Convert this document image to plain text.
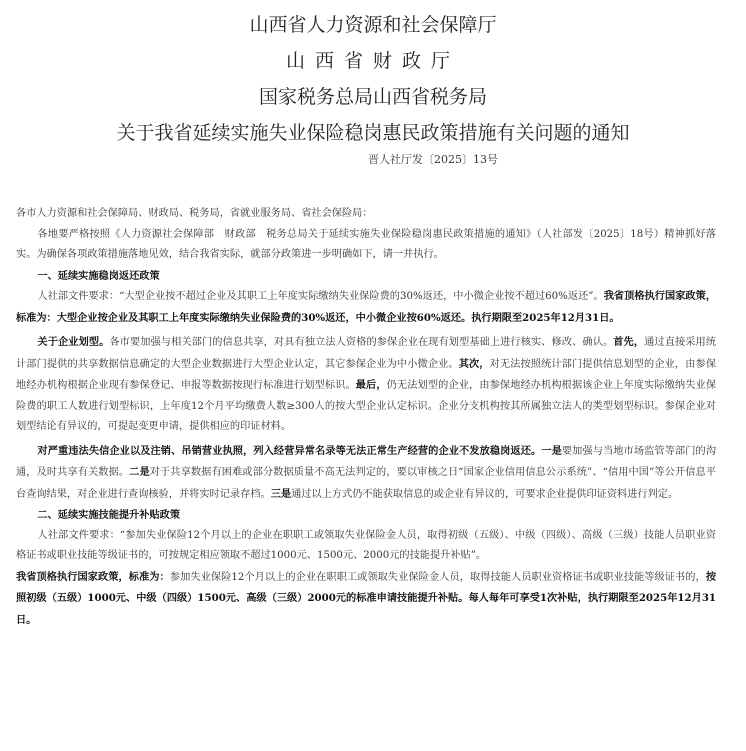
山西省人力资源和社会保障厅
山西省财政厅
国家税务总局山西省税务局
关于我省延续实施失业保险稳岗惠民政策措施有关问题的通知
晋人社厅发〔2025〕13号

各市人力资源和社会保障局、财政局、税务局，省就业服务局、省社会保险局：

各地要严格按照《人力资源社会保障部　财政部　税务总局关于延续实施失业保险稳岗惠民政策措施的通知》（人社部发〔2025〕18号）精神抓好落实。为确保各项政策措施落地见效，结合我省实际，就部分政策进一步明确如下，请一并执行。

一、延续实施稳岗返还政策

人社部文件要求：“大型企业按不超过企业及其职工上年度实际缴纳失业保险费的30%返还，中小微企业按不超过60%返还”。我省顶格执行国家政策，标准为：大型企业按企业及其职工上年度实际缴纳失业保险费的30%返还，中小微企业按60%返还。执行期限至2025年12月31日。

关于企业划型。各市要加强与相关部门的信息共享，对具有独立法人资格的参保企业在现有划型基础上进行核实、修改、确认。首先，通过直接采用统计部门提供的共享数据信息确定的大型企业数据进行大型企业认定，其它参保企业为中小微企业。其次，对无法按照统计部门提供信息划型的企业，由参保地经办机构根据企业现有参保登记、申报等数据按现行标准进行划型标识。最后，仍无法划型的企业，由参保地经办机构根据该企业上年度实际缴纳失业保险费的职工人数进行划型标识，上年度12个月平均缴费人数≥300人的按大型企业认定标识。企业分支机构按其所属独立法人的类型划型标识。参保企业对划型结论有异议的，可提起变更申请，提供相应的印证材料。

对严重违法失信企业以及注销、吊销营业执照，列入经营异常名录等无法正常生产经营的企业不发放稳岗返还。一是要加强与当地市场监管等部门的沟通，及时共享有关数据。二是对于共享数据有困难或部分数据质量不高无法判定的，要以审核之日“国家企业信用信息公示系统”、“信用中国”等公开信息平台查询结果，对企业进行查询核验，并将实时记录存档。三是通过以上方式仍不能获取信息的或企业有异议的，可要求企业提供印证资料进行判定。

二、延续实施技能提升补贴政策

人社部文件要求：“参加失业保险12个月以上的企业在职职工或领取失业保险金人员，取得初级（五级）、中级（四级）、高级（三级）技能人员职业资格证书或职业技能等级证书的，可按规定相应领取不超过1000元、1500元、2000元的技能提升补贴”。

我省顶格执行国家政策，标准为：参加失业保险12个月以上的企业在职职工或领取失业保险金人员，取得技能人员职业资格证书或职业技能等级证书的，按照初级（五级）1000元、中级（四级）1500元、高级（三级）2000元的标准申请技能提升补贴。每人每年可享受1次补贴，执行期限至2025年12月31日。
